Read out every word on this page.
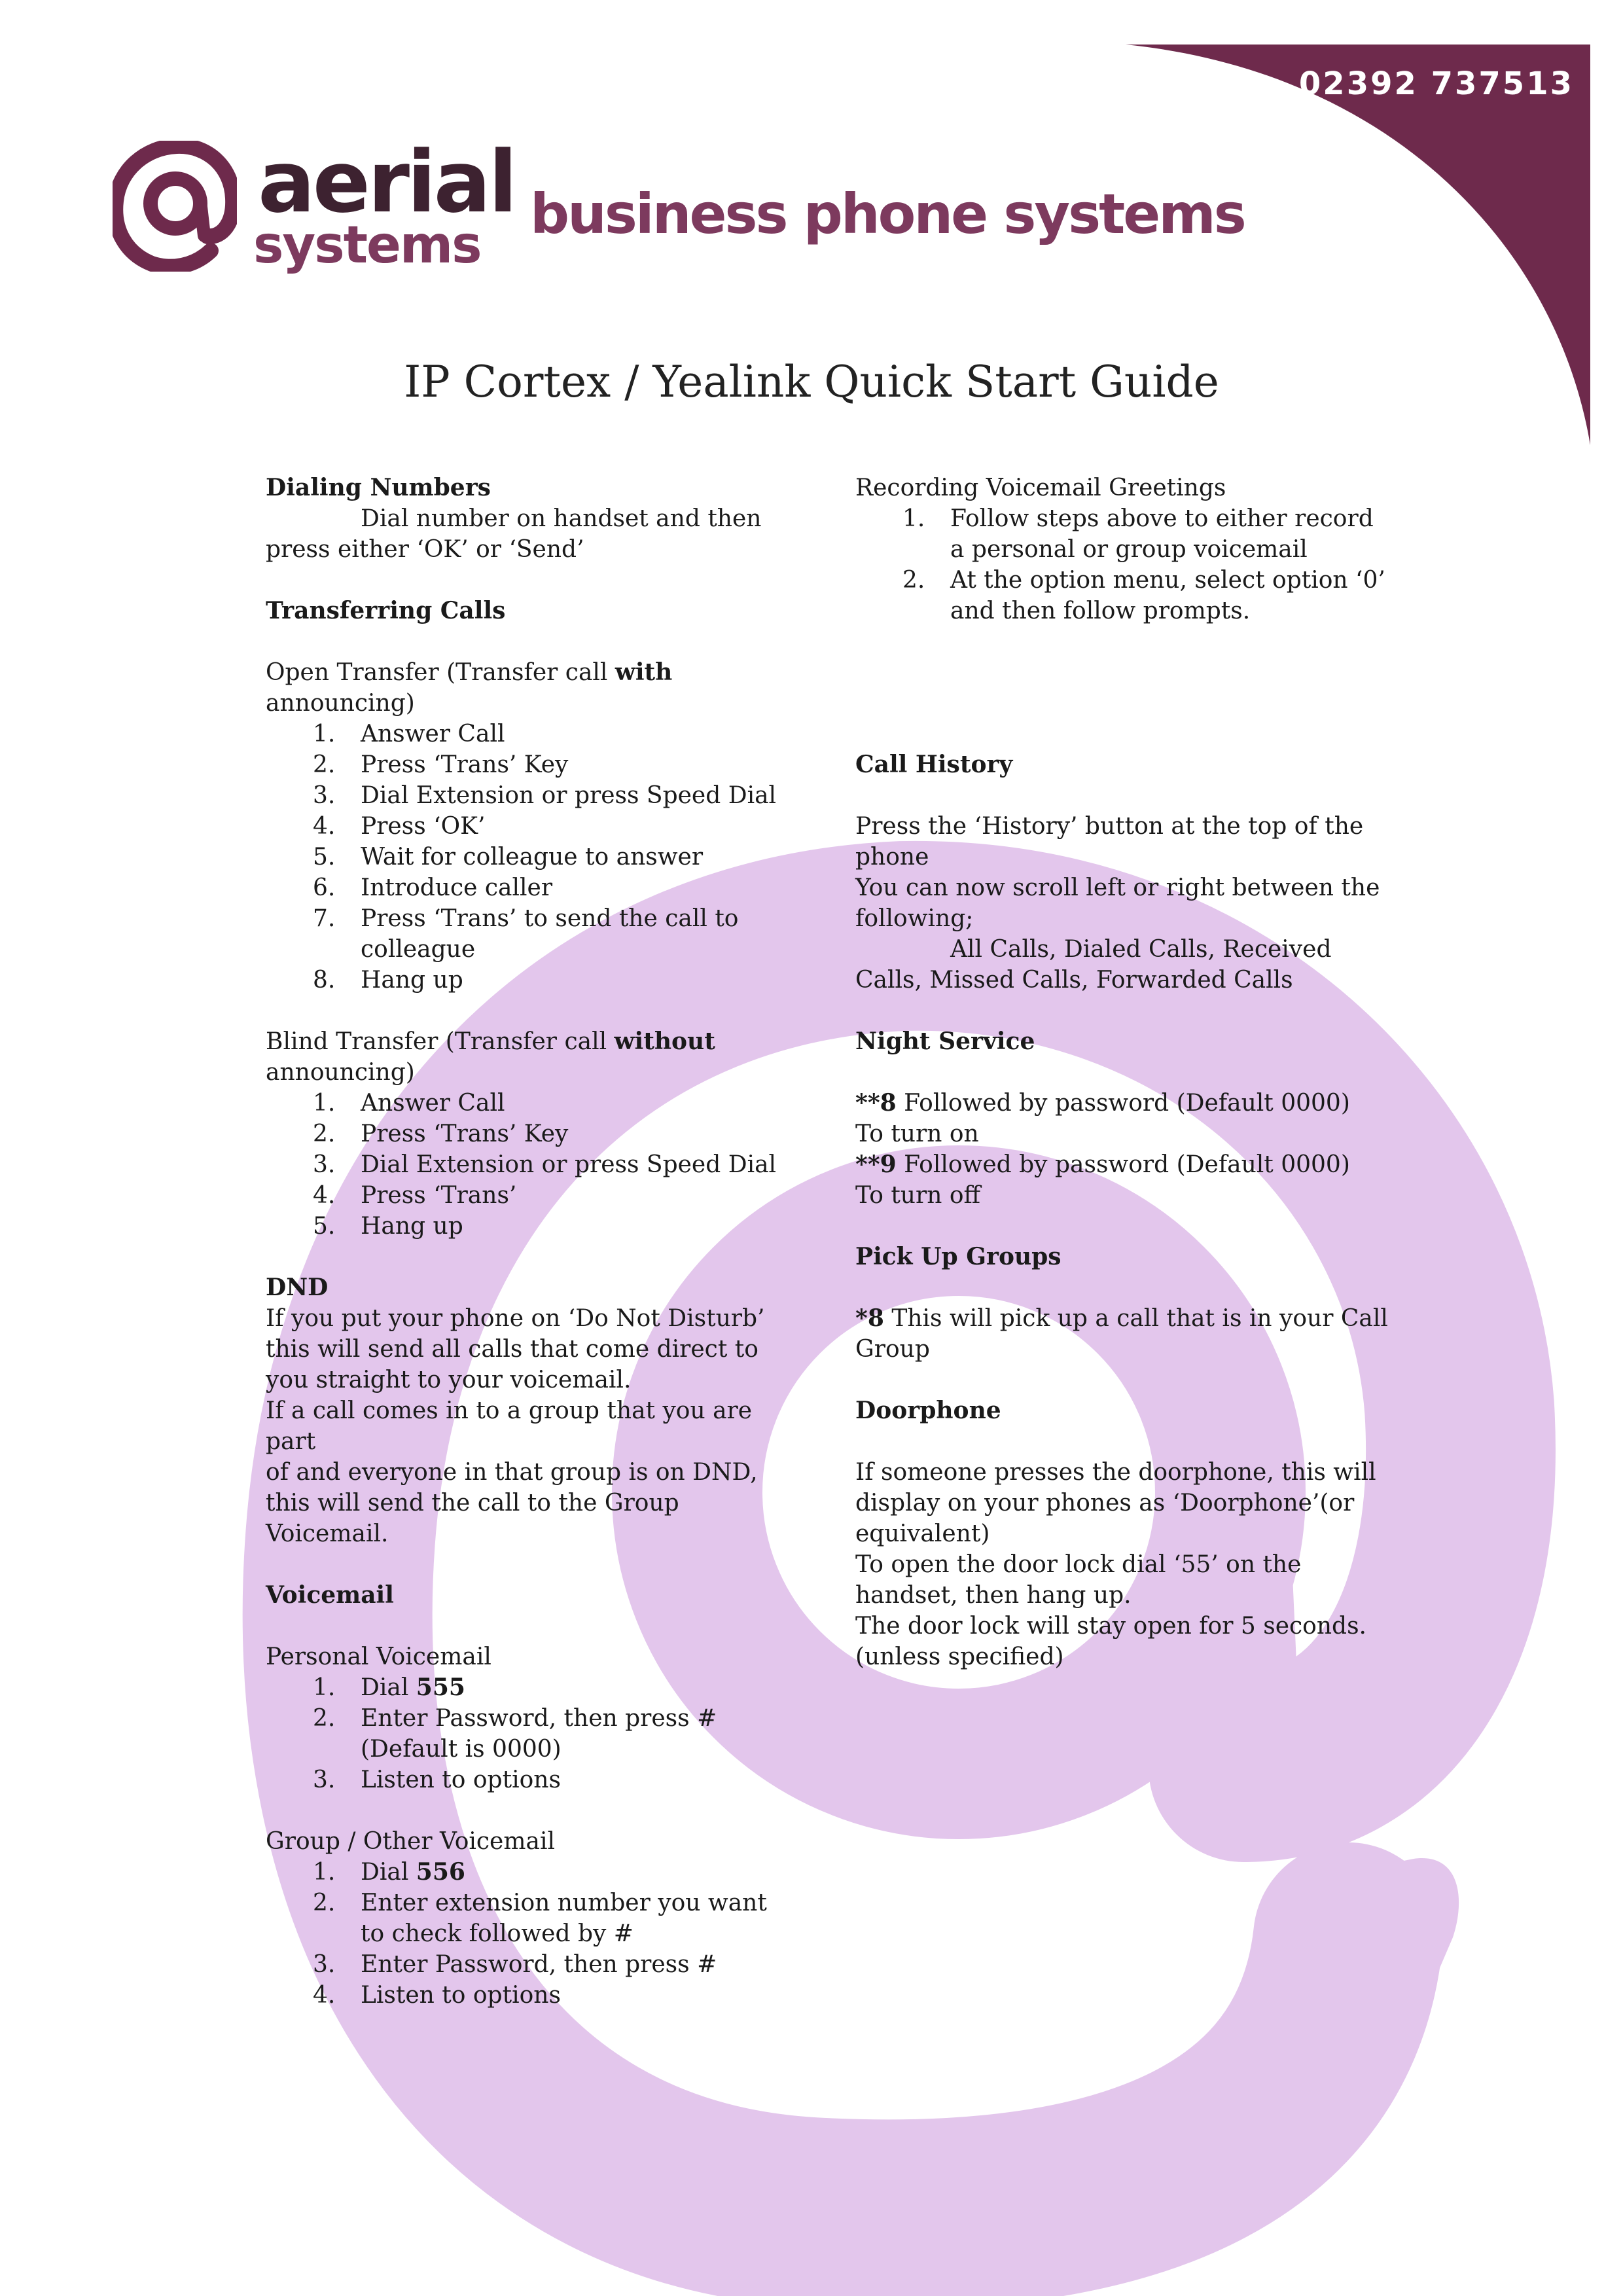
02392 737513
aerial
systems business phone systems
IP Cortex / Yealink Quick Start Guide
Dialing Numbers
Dial number on handset and then
press either ‘OK’ or ‘Send’
Transferring Calls
Open Transfer (Transfer call with
announcing)
1. Answer Call
2. Press ‘Trans’ Key
3. Dial Extension or press Speed Dial
4. Press ‘OK’
5. Wait for colleague to answer
6. Introduce caller
7. Press ‘Trans’ to send the call to
colleague
8. Hang up
Blind Transfer (Transfer call without
announcing)
1. Answer Call
2. Press ‘Trans’ Key
3. Dial Extension or press Speed Dial
4. Press ‘Trans’
5. Hang up
DND
If you put your phone on ‘Do Not Disturb’
this will send all calls that come direct to
you straight to your voicemail.
If a call comes in to a group that you are part
of and everyone in that group is on DND,
this will send the call to the Group
Voicemail.
Voicemail
Personal Voicemail
1. Dial 555
2. Enter Password, then press #
(Default is 0000)
3. Listen to options
Group / Other Voicemail
1. Dial 556
2. Enter extension number you want
to check followed by #
3. Enter Password, then press #
4. Listen to options
Recording Voicemail Greetings
1. Follow steps above to either record
a personal or group voicemail
2. At the option menu, select option ‘0’
and then follow prompts.
Call History
Press the ‘History’ button at the top of the
phone
You can now scroll left or right between the
following;
All Calls, Dialed Calls, Received
Calls, Missed Calls, Forwarded Calls
Night Service
**8 Followed by password (Default 0000)
To turn on
**9 Followed by password (Default 0000)
To turn off
Pick Up Groups
*8 This will pick up a call that is in your Call
Group
Doorphone
If someone presses the doorphone, this will
display on your phones as ‘Doorphone’(or
equivalent)
To open the door lock dial ‘55’ on the
handset, then hang up.
The door lock will stay open for 5 seconds.
(unless specified)
